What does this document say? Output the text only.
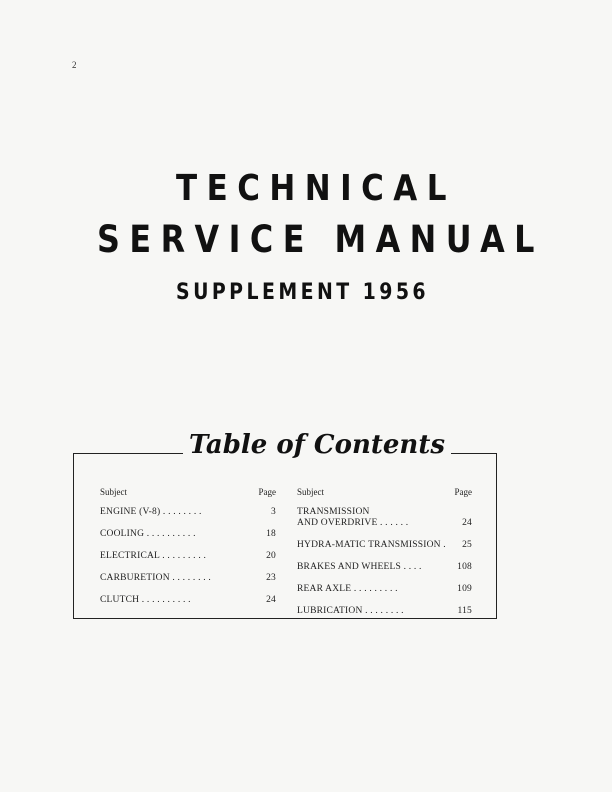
2
TECHNICAL
SERVICE MANUAL
SUPPLEMENT 1956
Table of Contents
Subject	Page
ENGINE (V-8) . . . . . . . .	3
COOLING . . . . . . . . . .	18
ELECTRICAL . . . . . . . . .	20
CARBURETION . . . . . . . .	23
CLUTCH . . . . . . . . . .	24
Subject	Page
TRANSMISSION
AND OVERDRIVE . . . . . .	24
HYDRA-MATIC TRANSMISSION .	25
BRAKES AND WHEELS . . . .	108
REAR AXLE . . . . . . . . .	109
LUBRICATION . . . . . . . .	115
